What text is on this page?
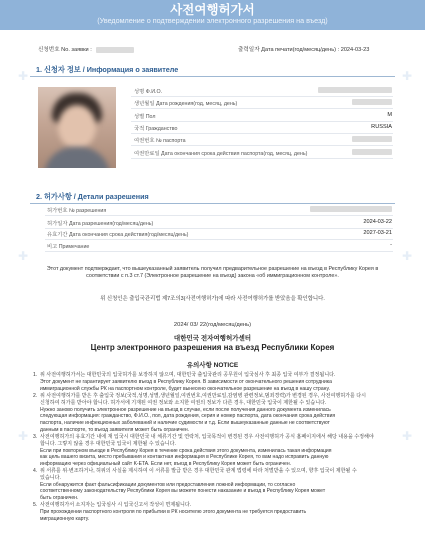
✚	✚
✚	✚
✚	✚
사전여행허가서
(Уведомление о подтверждении электронного разрешения на въезд)
신청번호 No. заявки :	출력일자 Дата печати(год/месяц/день) : 2024-03-23
1. 신청자 정보 / Информация о заявителе
성명 Ф.И.О.
생년월일 Дата рождения(год, месяц, день)
성별 Пол	M
국적 Гражданство	RUSSIA
여권번호 № паспорта
여권만료일 Дата окончания срока действия паспорта(год, месяц, день)
2. 허가사항 / Детали разрешения
허가번호 № разрешения
허가일자 Дата разрешения(год/месяц/день)	2024-03-22
유효기간 Дата окончания срока действия(год/месяц/день)	2027-03-21
비고 Примечание	-
Этот документ подтверждает, что вышеуказанный заявитель получил предварительное разрешение на въезд в Республику Корея в соответствии с п.3 ст.7 (Электронное разрешение на въезд) закона «об иммиграционном контроле».
위 신청인은 출입국관리법 제7조의3(사전여행허가)에 따라 사전여행허가를 받았음을 확인합니다.
2024/ 03/ 22(год/месяц/день)
대한민국 전자여행허가센터
Центр электронного разрешения на въезд Республики Корея
유의사항 NOTICE
1. 위 사전여행허가서는 대한민국의 입국허가를 보장하지 않으며, 대한민국 출입국관리 공무원이 입국심사 후 최종 입국 여부가 결정됩니다.
Этот документ не гарантирует заявителю въезд в Республику Корея. В зависимости от окончательного решения сотрудника
иммиграционной службы РК на паспортном контроле, будет вынесено окончательное разрешение на въезд в нашу страну.
2. 위 사전여행허가를 받은 후 출입국 정보(국적,성명,성별,생년월일,여권번호,여권만료일,감염병 관련정보,범죄경력)가 변경된 경우, 사전여행허가를 다시
신청하여 허가를 받아야 합니다. 허가서에 기재된 여권 정보와 소지한 여권의 정보가 다른 경우, 대한민국 입국이 제한될 수 있습니다.
Нужно заново получить электронное разрешение на въезд в случае, если после получения данного документа изменилась
следующая информация: гражданство, Ф.И.О., пол, дата рождения, серия и номер паспорта, дата окончания срока действия
паспорта, наличие инфекционных заболеваний и наличие судимости и т.д. Если вышеуказанные данные не соответствуют
данным в паспорте, то въезд заявителя может быть ограничен.
3. 사전여행허가의 유효기간 내에 재 입국시 대한민국 내 체류기간 및 연락처, 입국목적이 변경된 경우 사전여행허가 공식 홈페이지에서 해당 내용을 수정해야
합니다. 그렇지 않을 경우 대한민국 입국이 제한될 수 있습니다.
Если при повторном въезде в Республику Корея в течение срока действия этого документа, изменилась такая информация
как цель вашего визита, место пребывания и контактная информация в Республике Корея, то вам надо исправить данную
информацию через официальный сайт K-ETA. Если нет, въезд в Республику Корея может быть ограничен.
4. 위 서류를 위·변조하거나, 허위의 사실을 제시하여 이 서류를 발급 받은 경우 대한민국 관계 법령에 따라 처벌받을 수 있으며, 향후 입국이 제한될 수
있습니다.
Если обнаружится факт фальсификации документов или предоставления ложной информации, то согласно
соответственному законодательству Республики Корея вы можете понести наказание и въезд в Республику Корея может
быть ограничен.
5. 사전여행허가서 소지자는 입국심사 시 입국신고서 작성이 면제됩니다.
При прохождении паспортного контроля по прибытии в РК носителю этого документа не требуется предоставить
миграционную карту.
